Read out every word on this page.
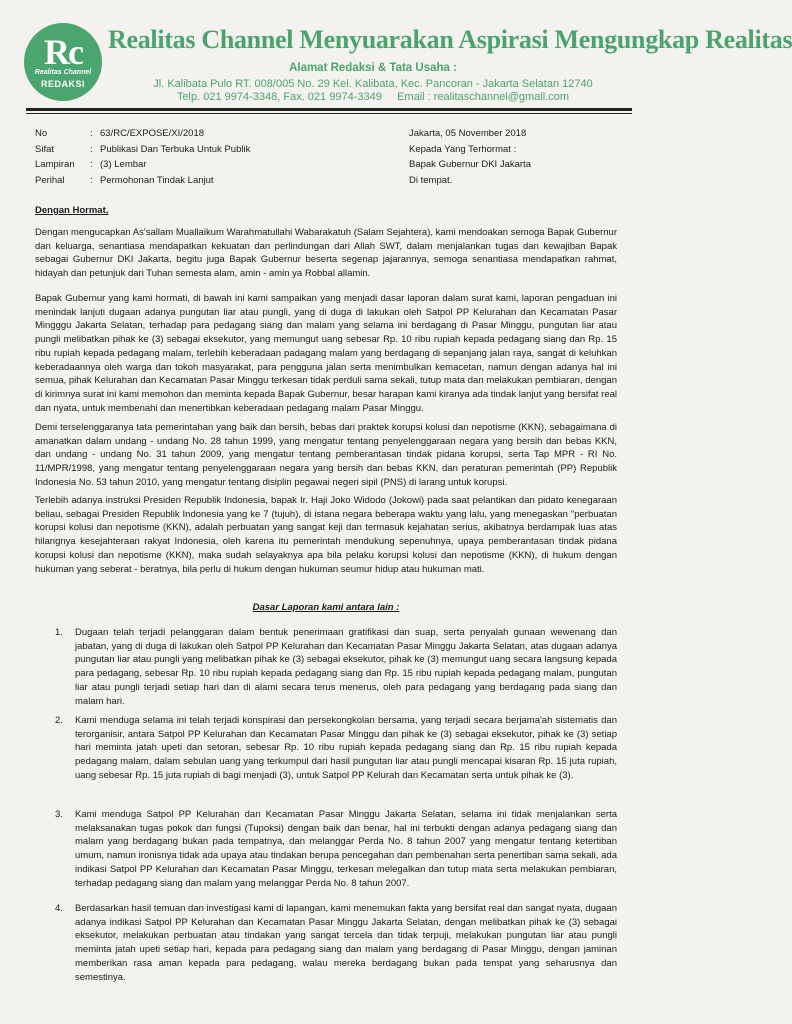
Rc
Realitas Channel
REDAKSI
Realitas Channel Menyuarakan Aspirasi Mengungkap Realitas
Alamat Redaksi & Tata Usaha :
Jl. Kalibata Pulo RT. 008/005 No. 29 Kel. Kalibata, Kec. Pancoran - Jakarta Selatan 12740
Telp. 021 9974-3348, Fax. 021 9974-3349     Email : realitaschannel@gmail.com
No	: 63/RC/EXPOSE/XI/2018
Sifat	: Publikasi Dan Terbuka Untuk Publik
Lampiran	: (3) Lembar
Perihal	: Permohonan Tindak Lanjut
Jakarta, 05 November 2018
Kepada Yang Terhormat :
Bapak Gubernur DKI Jakarta
Di tempat.
Dengan Hormat,
Dengan mengucapkan As'sallam Muallaikum Warahmatullahi Wabarakatuh (Salam Sejahtera), kami mendoakan semoga Bapak Gubernur dan keluarga, senantiasa mendapatkan kekuatan dan perlindungan dari Allah SWT, dalam menjalankan tugas dan kewajiban Bapak sebagai Gubernur DKI Jakarta, begitu juga Bapak Gubernur beserta segenap jajarannya, semoga senantiasa mendapatkan rahmat, hidayah dan petunjuk dari Tuhan semesta alam, amin - amin ya Robbal allamin.
Bapak Gubernur yang kami hormati, di bawah ini kami sampaikan yang menjadi dasar laporan dalam surat kami, laporan pengaduan ini menindak lanjuti dugaan adanya pungutan liar atau pungli, yang di duga di lakukan oleh Satpol PP Kelurahan dan Kecamatan Pasar Mingggu Jakarta Selatan, terhadap para pedagang siang dan malam yang selama ini berdagang di Pasar Minggu, pungutan liar atau pungli melibatkan pihak ke (3) sebagai eksekutor, yang memungut uang sebesar Rp. 10 ribu rupiah kepada pedagang siang dan Rp. 15 ribu rupiah kepada pedagang malam, terlebih keberadaan padagang malam yang berdagang di sepanjang jalan raya, sangat di keluhkan keberadaannya oleh warga dan tokoh masyarakat, para pengguna jalan serta menimbulkan kemacetan, namun dengan adanya hal ini semua, pihak Kelurahan dan Kecamatan Pasar Minggu terkesan tidak perduli sama sekali, tutup mata dan melakukan pembiaran, dengan di kirimnya surat ini kami memohon dan meminta kepada Bapak Gubernur, besar harapan kami kiranya ada tindak lanjut yang bersifat real dan nyata, untuk membenahi dan menertibkan keberadaan pedagang malam Pasar Minggu.
Demi terselenggaranya tata pemerintahan yang baik dan bersih, bebas dari praktek korupsi kolusi dan nepotisme (KKN), sebagaimana di amanatkan dalam undang - undang No. 28 tahun 1999, yang mengatur tentang penyelenggaraan negara yang bersih dan bebas KKN, dan undang - undang No. 31 tahun 2009, yang mengatur tentang pemberantasan tindak pidana korupsi, serta Tap MPR - RI No. 11/MPR/1998, yang mengatur tentang penyelenggaraan negara yang bersih dan bebas KKN, dan peraturan pemerintah (PP) Republik Indonesia No. 53 tahun 2010, yang mengatur tentang disiplin pegawai negeri sipil (PNS) di larang untuk korupsi.
Terlebih adanya instruksi Presiden Republik Indonesia, bapak Ir. Haji Joko Widodo (Jokowi) pada saat pelantikan dan pidato kenegaraan beliau, sebagai Presiden Republik Indonesia yang ke 7 (tujuh), di istana negara beberapa waktu yang lalu, yang menegaskan "perbuatan korupsi kolusi dan nepotisme (KKN), adalah perbuatan yang sangat keji dan termasuk kejahatan serius, akibatnya berdampak luas atas hilangnya kesejahteraan rakyat Indonesia, oleh karena itu pemerintah mendukung sepenuhnya, upaya pemberantasan tindak pidana korupsi kolusi dan nepotisme (KKN), maka sudah selayaknya apa bila pelaku korupsi kolusi dan nepotisme (KKN), di hukum dengan hukuman yang seberat - beratnya, bila perlu di hukum dengan hukuman seumur hidup atau hukuman mati.
Dasar Laporan kami antara lain :
1.	Dugaan telah terjadi pelanggaran dalam bentuk penerimaan gratifikasi dan suap, serta penyalah gunaan wewenang dan jabatan, yang di duga di lakukan oleh Satpol PP Kelurahan dan Kecamatan Pasar Minggu Jakarta Selatan, atas dugaan adanya pungutan liar atau pungli yang melibatkan pihak ke (3) sebagai eksekutor, pihak ke (3) memungut uang secara langsung kepada para pedagang, sebesar Rp. 10 ribu rupiah kepada pedagang siang dan Rp. 15 ribu rupiah kepada pedagang malam, pungutan liar atau pungli terjadi setiap hari dan di alami secara terus menerus, oleh para pedagang yang berdagang pada siang dan malam hari.
2.	Kami menduga selama ini telah terjadi konspirasi dan persekongkolan bersama, yang terjadi secara berjama'ah sistematis dan terorganisir, antara Satpol PP Kelurahan dan Kecamatan Pasar Minggu dan pihak ke (3) sebagai eksekutor, pihak ke (3) setiap hari meminta jatah upeti dan setoran, sebesar Rp. 10 ribu rupiah kepada pedagang siang dan Rp. 15 ribu rupiah kepada pedagang malam, dalam sebulan uang yang terkumpul dari hasil pungutan liar atau pungli mencapai kisaran Rp. 15 juta rupiah, uang sebesar Rp. 15 juta rupiah di bagi menjadi (3), untuk Satpol PP Kelurah dan Kecamatan serta untuk pihak ke (3).
3.	Kami menduga Satpol PP Kelurahan dan Kecamatan Pasar Minggu Jakarta Selatan, selama ini tidak menjalankan serta melaksanakan tugas pokok dan fungsi (Tupoksi) dengan baik dan benar, hal ini terbukti dengan adanya pedagang siang dan malam yang berdagang bukan pada tempatnya, dan melanggar Perda No. 8 tahun 2007 yang mengatur tentang ketertiban umum, namun ironisnya tidak ada upaya atau tindakan berupa pencegahan dan pembenahan serta penertiban sama sekali, ada indikasi Satpol PP Kelurahan dan Kecamatan Pasar Minggu, terkesan melegalkan dan tutup mata serta melakukan pembiaran, terhadap pedagang siang dan malam yang melanggar Perda No. 8 tahun 2007.
4.	Berdasarkan hasil temuan dan investigasi kami di lapangan, kami menemukan fakta yang bersifat real dan sangat nyata, dugaan adanya indikasi Satpol PP Kelurahan dan Kecamatan Pasar Minggu Jakarta Selatan, dengan melibatkan pihak ke (3) sebagai eksekutor, melakukan perbuatan atau tindakan yang sangat tercela dan tidak terpuji, melakukan pungutan liar atau pungli meminta jatah upeti setiap hari, kepada para pedagang siang dan malam yang berdagang di Pasar Minggu, dengan jaminan memberikan rasa aman kepada para pedagang, walau mereka berdagang bukan pada tempat yang seharusnya dan semestinya.
